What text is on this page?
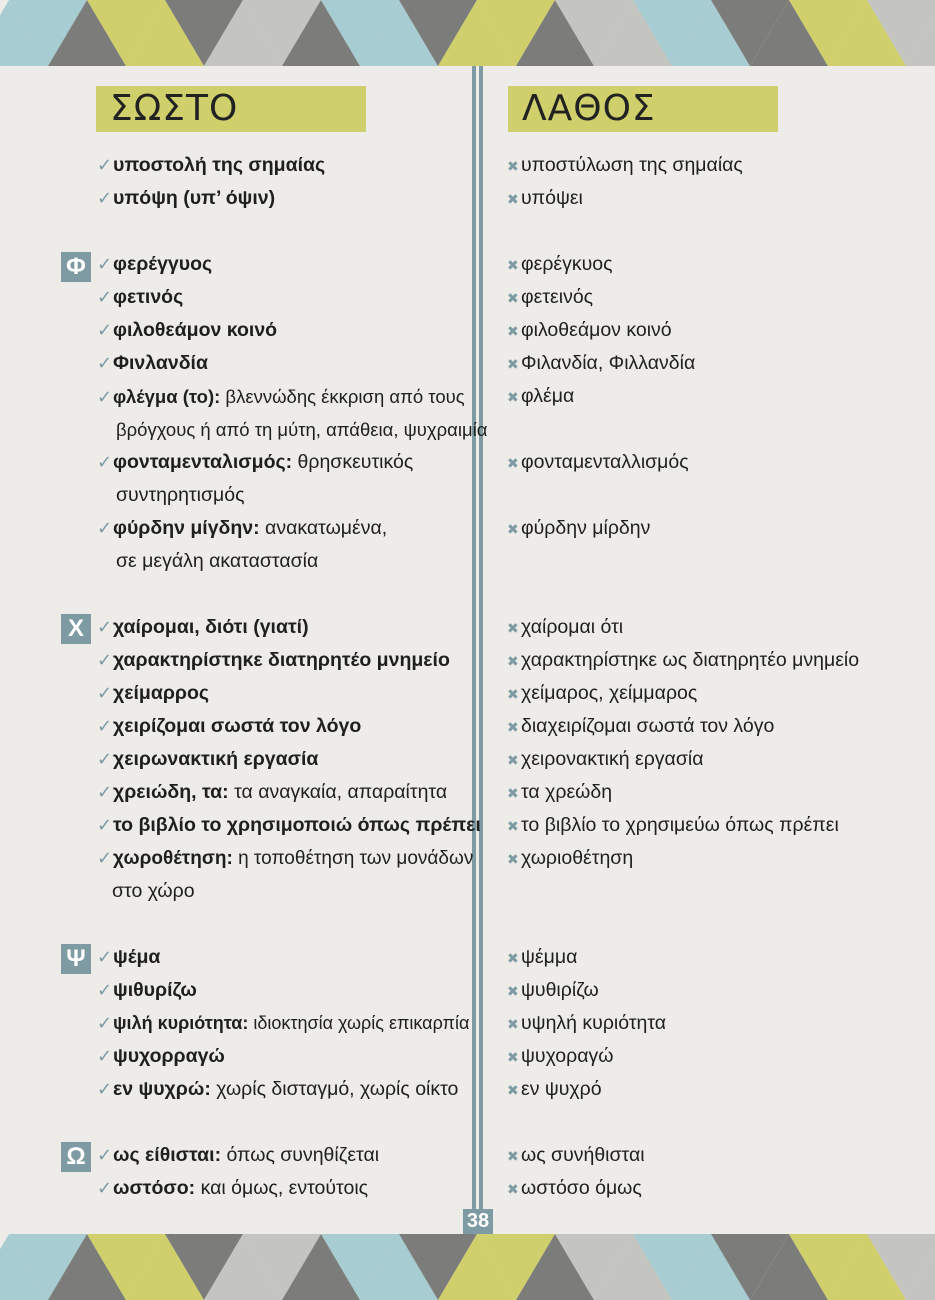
ΣΩΣΤΟ	ΛΑΘΟΣ
Φ
Χ
Ψ
Ω
✓υποστολή της σημαίας
✓υπόψη (υπ’ όψιν)
✓φερέγγυος
✓φετινός
✓φιλοθεάμον κοινό
✓Φινλανδία
✓φλέγμα (το): βλεννώδης έκκριση από τους
βρόγχους ή από τη μύτη, απάθεια, ψυχραιμία
✓φονταμενταλισμός: θρησκευτικός
συντηρητισμός
✓φύρδην μίγδην: ανακατωμένα,
σε μεγάλη ακαταστασία
✓χαίρομαι, διότι (γιατί)
✓χαρακτηρίστηκε διατηρητέο μνημείο
✓χείμαρρος
✓χειρίζομαι σωστά τον λόγο
✓χειρωνακτική εργασία
✓χρειώδη, τα: τα αναγκαία, απαραίτητα
✓το βιβλίο το χρησιμοποιώ όπως πρέπει
✓χωροθέτηση: η τοποθέτηση των μονάδων
στο χώρο
✓ψέμα
✓ψιθυρίζω
✓ψιλή κυριότητα: ιδιοκτησία χωρίς επικαρπία
✓ψυχορραγώ
✓εν ψυχρώ: χωρίς δισταγμό, χωρίς οίκτο
✓ως είθισται: όπως συνηθίζεται
✓ωστόσο: και όμως, εντούτοις
✖ υποστύλωση της σημαίας
✖ υπόψει
✖ φερέγκυος
✖ φετεινός
✖ φιλοθεάμον κοινό
✖ Φιλανδία, Φιλλανδία
✖ φλέμα
✖ φονταμενταλλισμός
✖ φύρδην μίρδην
✖ χαίρομαι ότι
✖ χαρακτηρίστηκε ως διατηρητέο μνημείο
✖ χείμαρος, χείμμαρος
✖ διαχειρίζομαι σωστά τον λόγο
✖ χειρονακτική εργασία
✖ τα χρεώδη
✖ το βιβλίο το χρησιμεύω όπως πρέπει
✖ χωριοθέτηση
✖ ψέμμα
✖ ψυθιρίζω
✖ υψηλή κυριότητα
✖ ψυχοραγώ
✖ εν ψυχρό
✖ ως συνήθισται
✖ ωστόσο όμως
38
